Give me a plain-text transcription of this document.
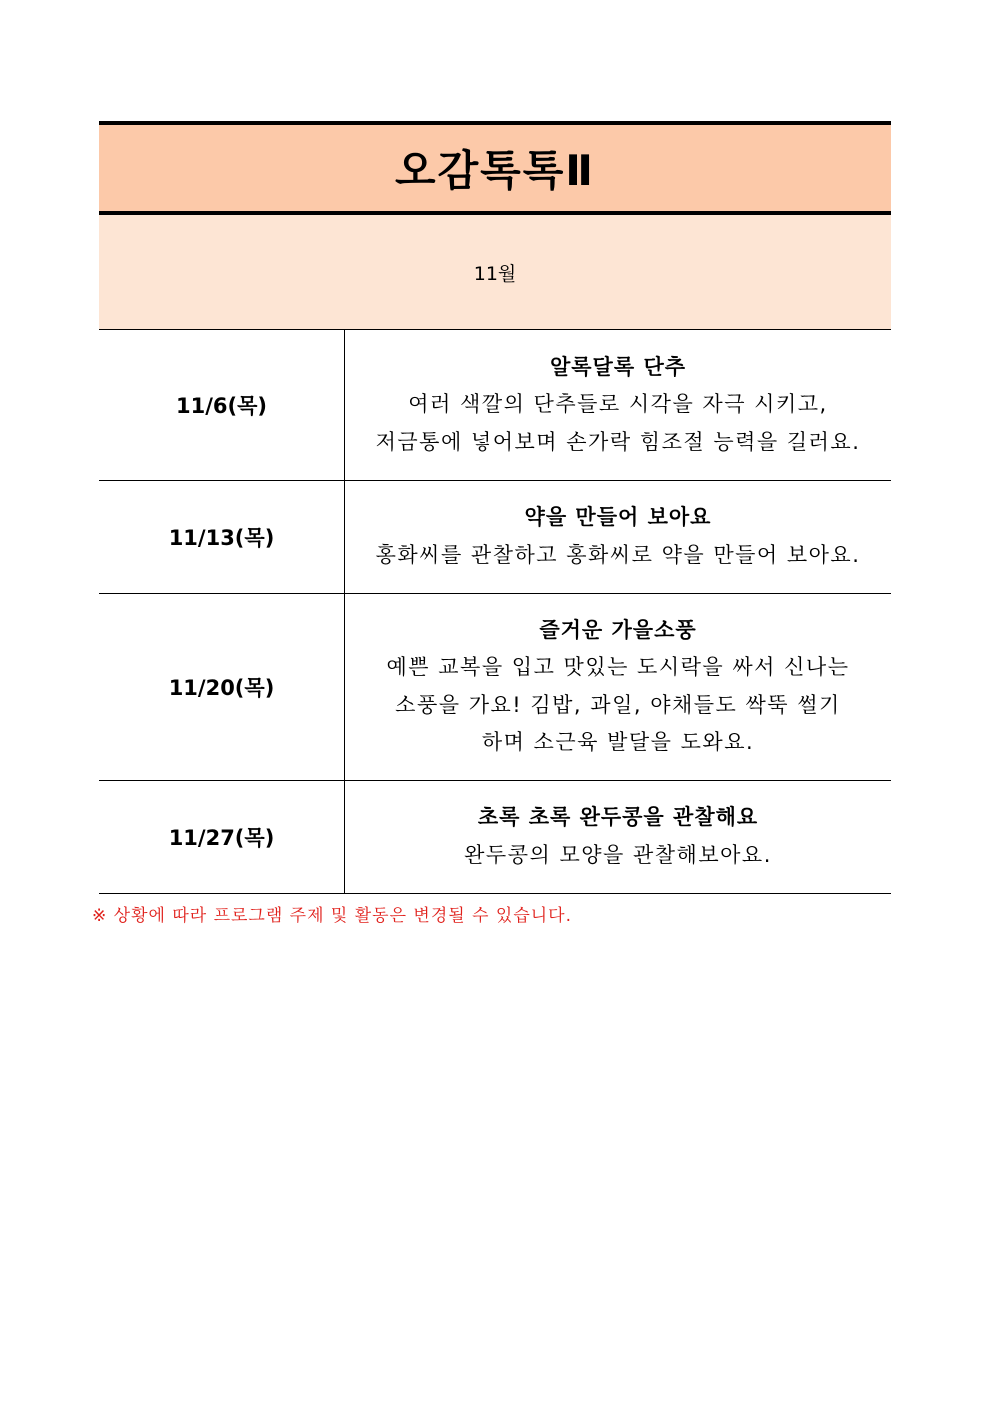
오감톡톡Ⅱ
11월
11/6(목)	알록달록 단추
여러 색깔의 단추들로 시각을 자극 시키고,
저금통에 넣어보며 손가락 힘조절 능력을 길러요.

11/13(목)	약을 만들어 보아요
홍화씨를 관찰하고 홍화씨로 약을 만들어 보아요.

11/20(목)	즐거운 가을소풍
예쁜 교복을 입고 맛있는 도시락을 싸서 신나는
소풍을 가요! 김밥, 과일, 야채들도 싹뚝 썰기
하며 소근육 발달을 도와요.

11/27(목)	초록 초록 완두콩을 관찰해요
완두콩의 모양을 관찰해보아요.
※ 상황에 따라 프로그램 주제 및 활동은 변경될 수 있습니다.
